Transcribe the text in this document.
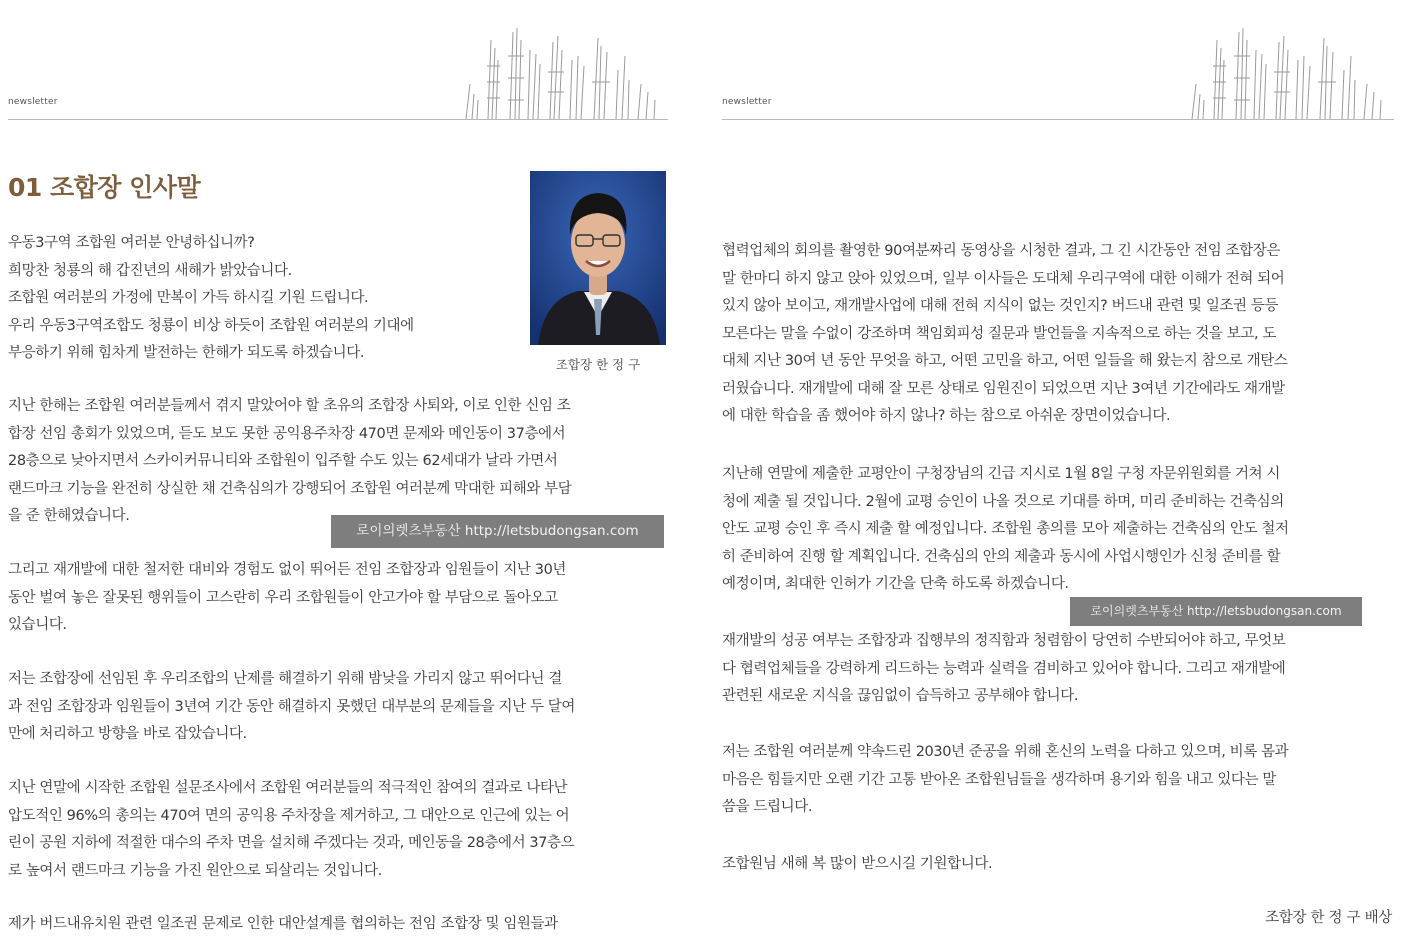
newsletter
01 조합장 인사말
조합장 한 정 구

우동3구역 조합원 여러분 안녕하십니까?
희망찬 청룡의 해 갑진년의 새해가 밝았습니다.
조합원 여러분의 가정에 만복이 가득 하시길 기원 드립니다.
우리 우동3구역조합도 청룡이 비상 하듯이 조합원 여러분의 기대에
부응하기 위해 힘차게 발전하는 한해가 되도록 하겠습니다.

지난 한해는 조합원 여러분들께서 겪지 말았어야 할 초유의 조합장 사퇴와, 이로 인한 신임 조
합장 선임 총회가 있었으며, 듣도 보도 못한 공익용주차장 470면 문제와 메인동이 37층에서
28층으로 낮아지면서 스카이커뮤니티와 조합원이 입주할 수도 있는 62세대가 날라 가면서
랜드마크 기능을 완전히 상실한 채 건축심의가 강행되어 조합원 여러분께 막대한 피해와 부담
을 준 한해였습니다.

로이의렛츠부동산 http://letsbudongsan.com

그리고 재개발에 대한 철저한 대비와 경험도 없이 뛰어든 전임 조합장과 임원들이 지난 30년
동안 벌여 놓은 잘못된 행위들이 고스란히 우리 조합원들이 안고가야 할 부담으로 돌아오고
있습니다.

저는 조합장에 선임된 후 우리조합의 난제를 해결하기 위해 밤낮을 가리지 않고 뛰어다닌 결
과 전임 조합장과 임원들이 3년여 기간 동안 해결하지 못했던 대부분의 문제들을 지난 두 달여
만에 처리하고 방향을 바로 잡았습니다.

지난 연말에 시작한 조합원 설문조사에서 조합원 여러분들의 적극적인 참여의 결과로 나타난
압도적인 96%의 총의는 470여 면의 공익용 주차장을 제거하고, 그 대안으로 인근에 있는 어
린이 공원 지하에 적절한 대수의 주차 면을 설치해 주겠다는 것과, 메인동을 28층에서 37층으
로 높여서 랜드마크 기능을 가진 원안으로 되살리는 것입니다.

제가 버드내유치원 관련 일조권 문제로 인한 대안설계를 협의하는 전임 조합장 및 임원들과

newsletter

협력업체의 회의를 촬영한 90여분짜리 동영상을 시청한 결과, 그 긴 시간동안 전임 조합장은
말 한마디 하지 않고 앉아 있었으며, 일부 이사들은 도대체 우리구역에 대한 이해가 전혀 되어
있지 않아 보이고, 재개발사업에 대해 전혀 지식이 없는 것인지? 버드내 관련 및 일조권 등등
모른다는 말을 수없이 강조하며 책임회피성 질문과 발언들을 지속적으로 하는 것을 보고, 도
대체 지난 30여 년 동안 무엇을 하고, 어떤 고민을 하고, 어떤 일들을 해 왔는지 참으로 개탄스
러웠습니다. 재개발에 대해 잘 모른 상태로 임원진이 되었으면 지난 3여년 기간에라도 재개발
에 대한 학습을 좀 했어야 하지 않나? 하는 참으로 아쉬운 장면이었습니다.

지난해 연말에 제출한 교평안이 구청장님의 긴급 지시로 1월 8일 구청 자문위원회를 거쳐 시
청에 제출 될 것입니다. 2월에 교평 승인이 나올 것으로 기대를 하며, 미리 준비하는 건축심의
안도 교평 승인 후 즉시 제출 할 예정입니다. 조합원 총의를 모아 제출하는 건축심의 안도 철저
히 준비하여 진행 할 계획입니다. 건축심의 안의 제출과 동시에 사업시행인가 신청 준비를 할
예정이며, 최대한 인허가 기간을 단축 하도록 하겠습니다.

로이의렛츠부동산 http://letsbudongsan.com

재개발의 성공 여부는 조합장과 집행부의 정직함과 청렴함이 당연히 수반되어야 하고, 무엇보
다 협력업체들을 강력하게 리드하는 능력과 실력을 겸비하고 있어야 합니다. 그리고 재개발에
관련된 새로운 지식을 끊임없이 습득하고 공부해야 합니다.

저는 조합원 여러분께 약속드린 2030년 준공을 위해 혼신의 노력을 다하고 있으며, 비록 몸과
마음은 힘들지만 오랜 기간 고통 받아온 조합원님들을 생각하며 용기와 힘을 내고 있다는 말
씀을 드립니다.

조합원님 새해 복 많이 받으시길 기원합니다.

조합장 한 정 구 배상
